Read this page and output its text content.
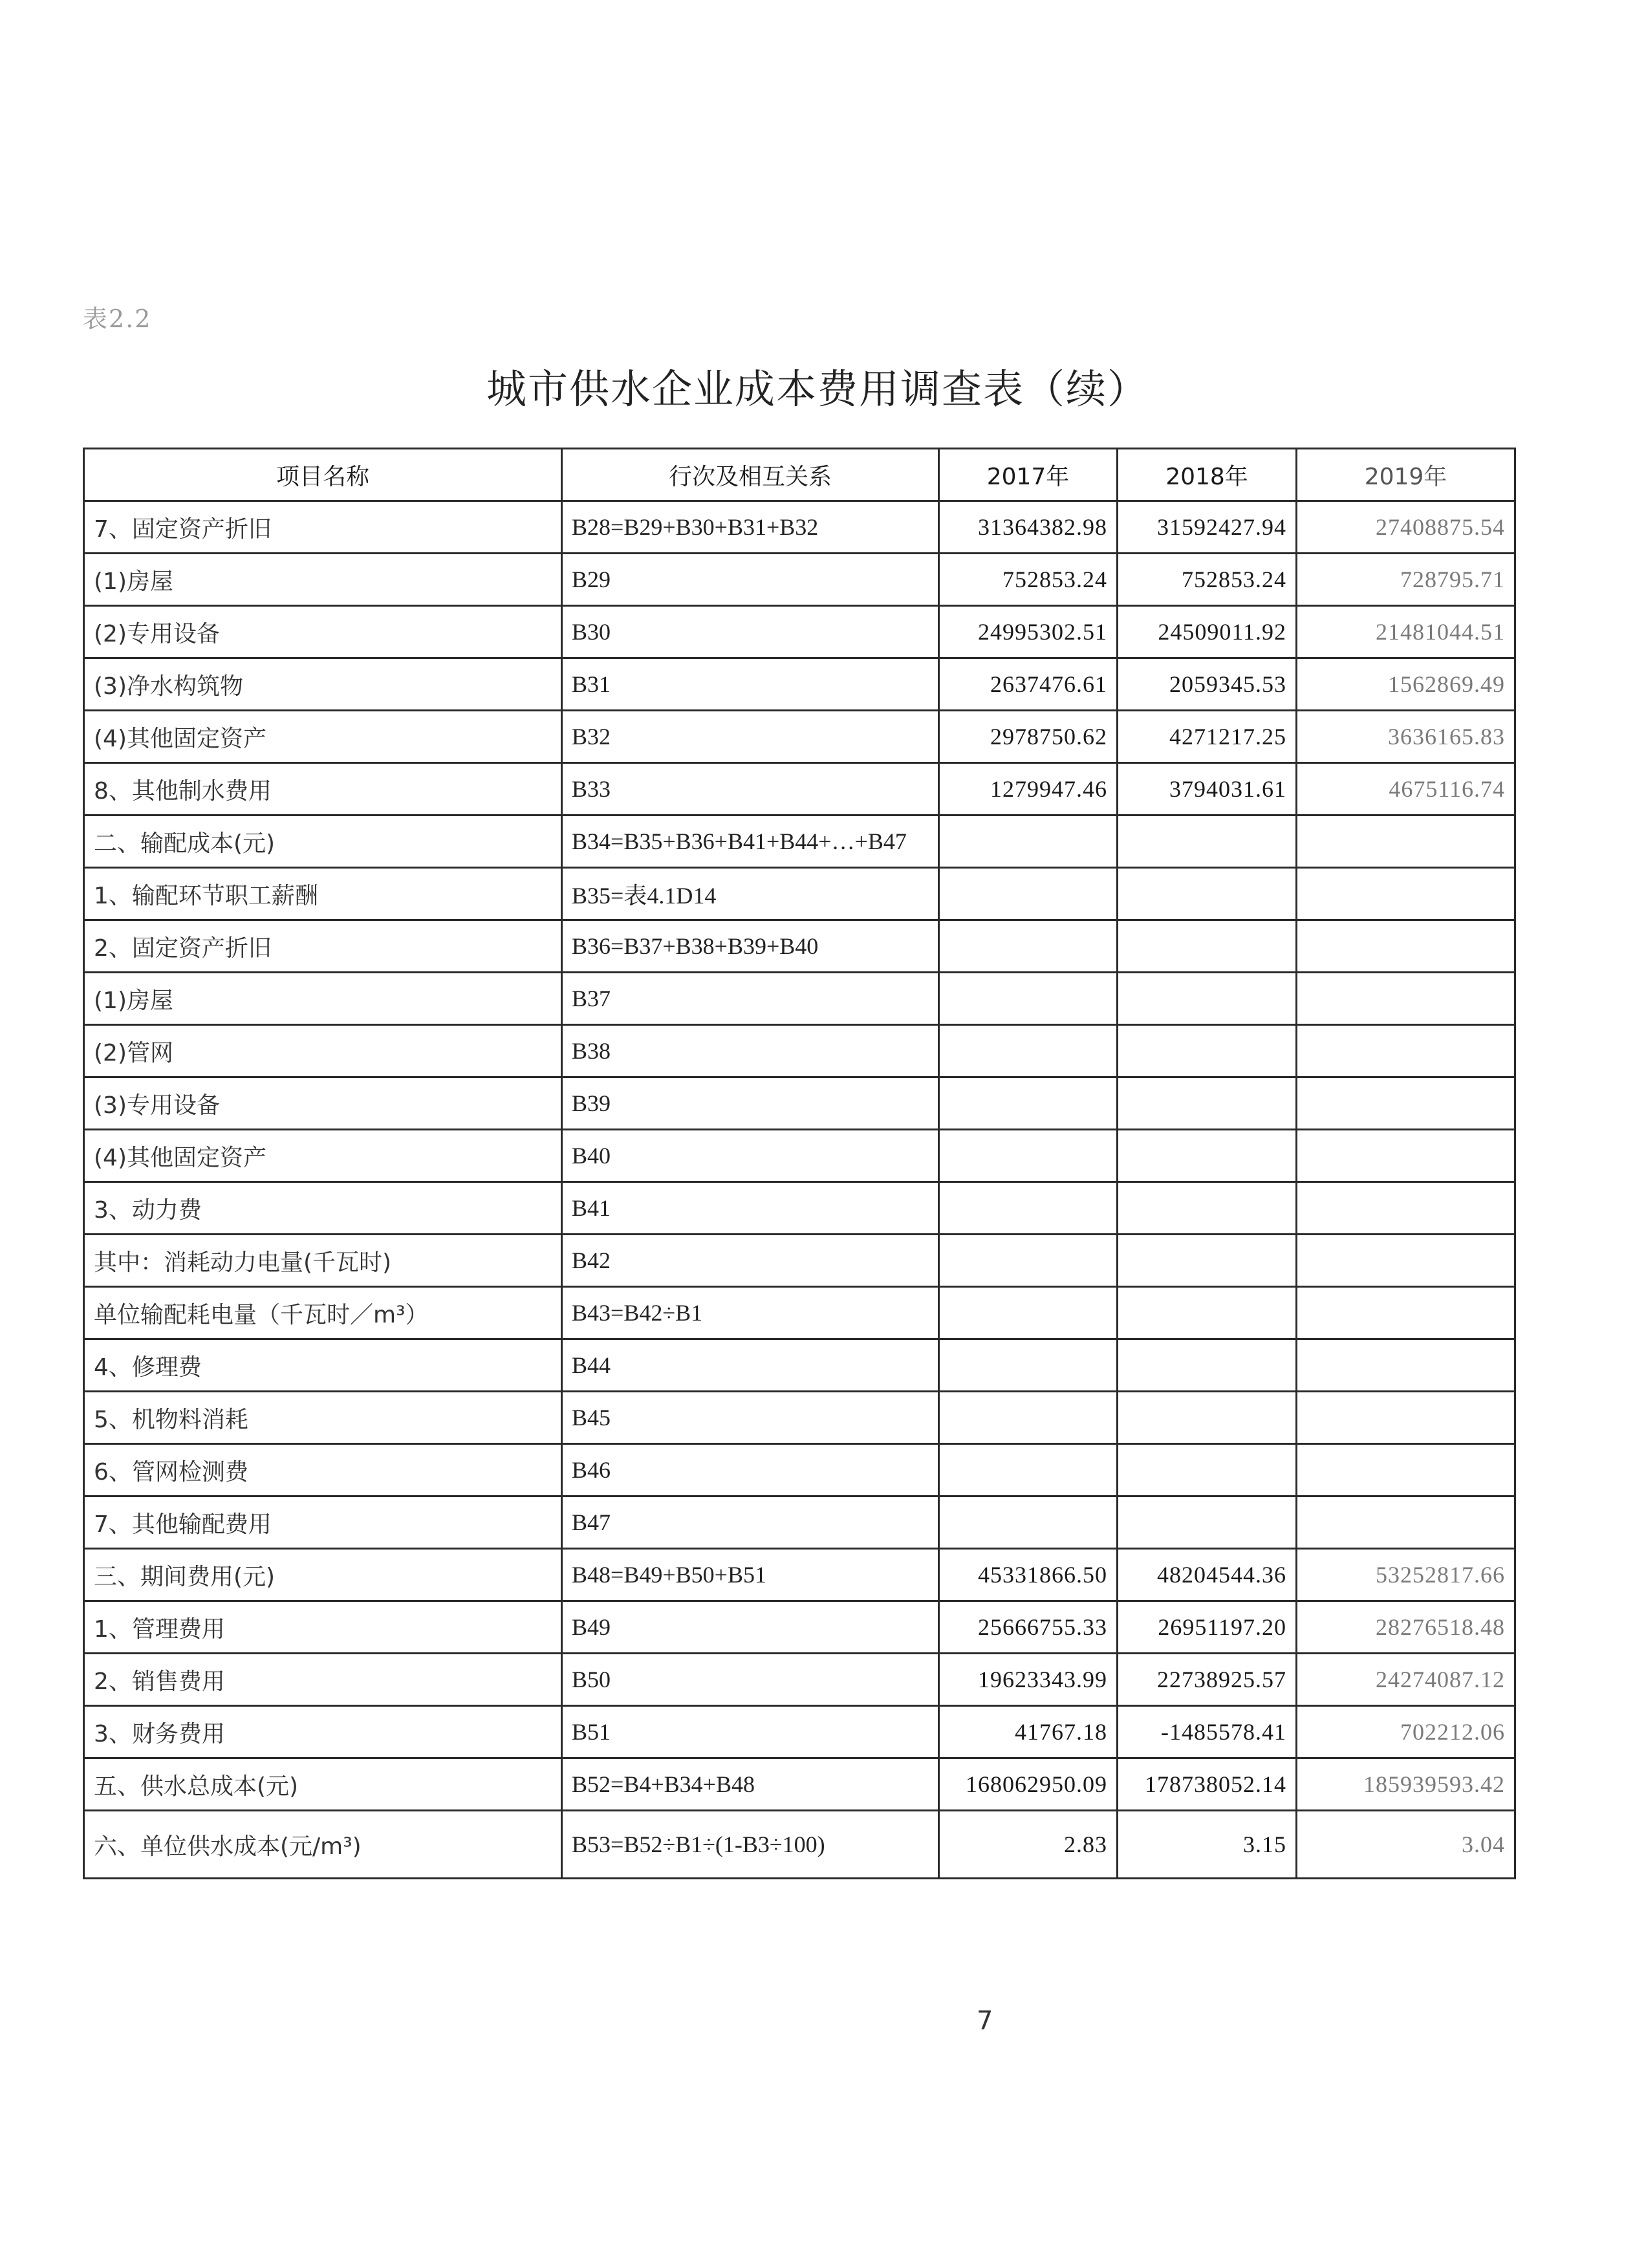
表2.2
城市供水企业成本费用调查表（续）
项目名称	行次及相互关系	2017年	2018年	2019年
7、固定资产折旧	B28=B29+B30+B31+B32	31364382.98	31592427.94	27408875.54
(1)房屋	B29	752853.24	752853.24	728795.71
(2)专用设备	B30	24995302.51	24509011.92	21481044.51
(3)净水构筑物	B31	2637476.61	2059345.53	1562869.49
(4)其他固定资产	B32	2978750.62	4271217.25	3636165.83
8、其他制水费用	B33	1279947.46	3794031.61	4675116.74
二、输配成本(元)	B34=B35+B36+B41+B44+…+B47			
1、输配环节职工薪酬	B35=表4.1D14			
2、固定资产折旧	B36=B37+B38+B39+B40			
(1)房屋	B37			
(2)管网	B38			
(3)专用设备	B39			
(4)其他固定资产	B40			
3、动力费	B41			
其中：消耗动力电量(千瓦时)	B42			
单位输配耗电量（千瓦时／m³）	B43=B42÷B1			
4、修理费	B44			
5、机物料消耗	B45			
6、管网检测费	B46			
7、其他输配费用	B47			
三、期间费用(元)	B48=B49+B50+B51	45331866.50	48204544.36	53252817.66
1、管理费用	B49	25666755.33	26951197.20	28276518.48
2、销售费用	B50	19623343.99	22738925.57	24274087.12
3、财务费用	B51	41767.18	-1485578.41	702212.06
五、供水总成本(元)	B52=B4+B34+B48	168062950.09	178738052.14	185939593.42
六、单位供水成本(元/m³)	B53=B52÷B1÷(1-B3÷100)	2.83	3.15	3.04
7
